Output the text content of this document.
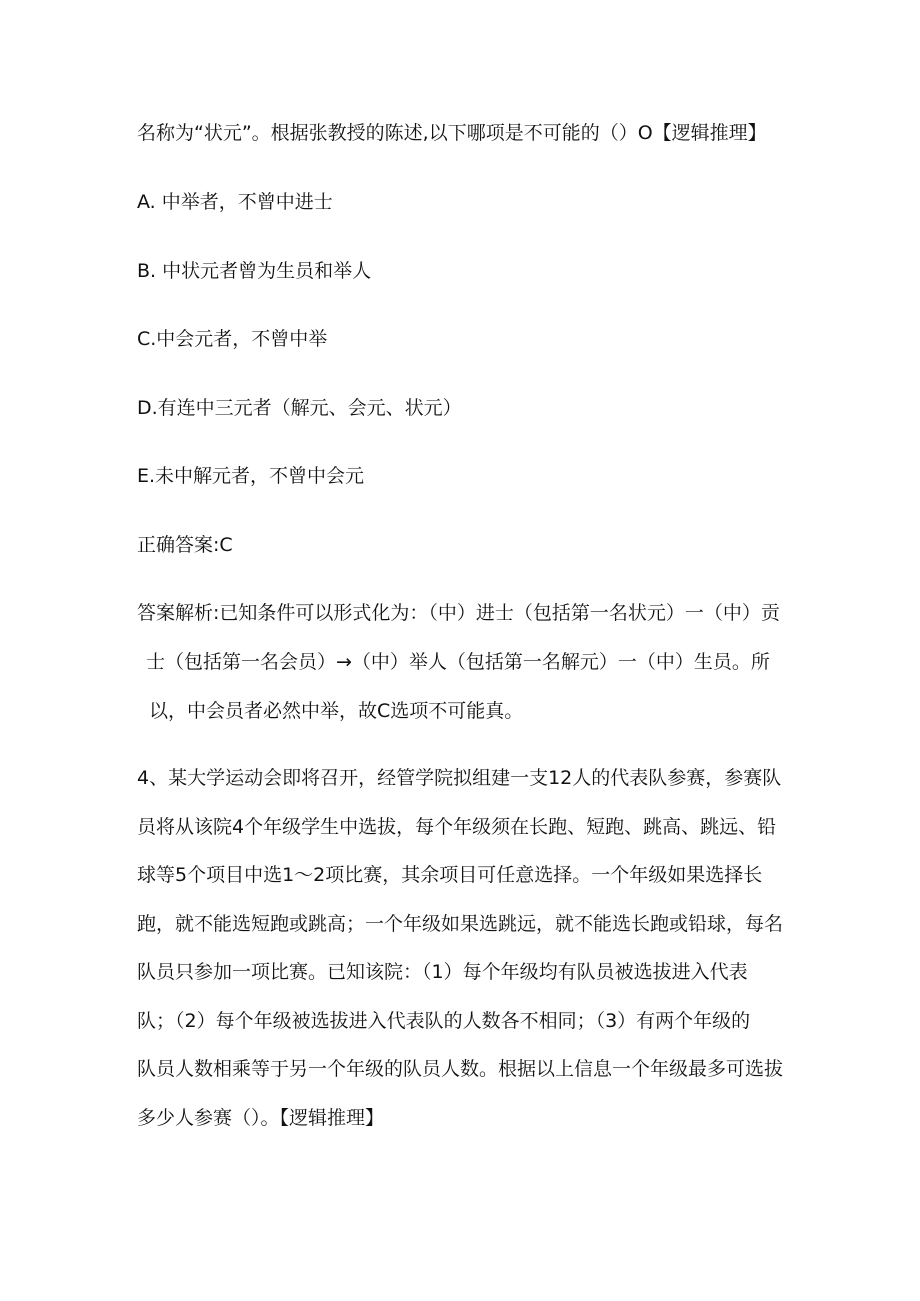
名称为“状元”。根据张教授的陈述,以下哪项是不可能的（）O【逻辑推理】
A. 中举者，不曾中进士
B. 中状元者曾为生员和举人
C.中会元者，不曾中举
D.有连中三元者（解元、会元、状元）
E.未中解元者，不曾中会元
正确答案:C
答案解析:已知条件可以形式化为：（中）进士（包括第一名状元）一（中）贡
士（包括第一名会员）→（中）举人（包括第一名解元）一（中）生员。所
以，中会员者必然中举，故C选项不可能真。
4、某大学运动会即将召开，经管学院拟组建一支12人的代表队参赛，参赛队
员将从该院4个年级学生中选拔，每个年级须在长跑、短跑、跳高、跳远、铅
球等5个项目中选1～2项比赛，其余项目可任意选择。一个年级如果选择长
跑，就不能选短跑或跳高；一个年级如果选跳远，就不能选长跑或铅球，每名
队员只参加一项比赛。已知该院：（1）每个年级均有队员被选拔进入代表
队；（2）每个年级被选拔进入代表队的人数各不相同；（3）有两个年级的
队员人数相乘等于另一个年级的队员人数。根据以上信息一个年级最多可选拔
多少人参赛（）。【逻辑推理】
